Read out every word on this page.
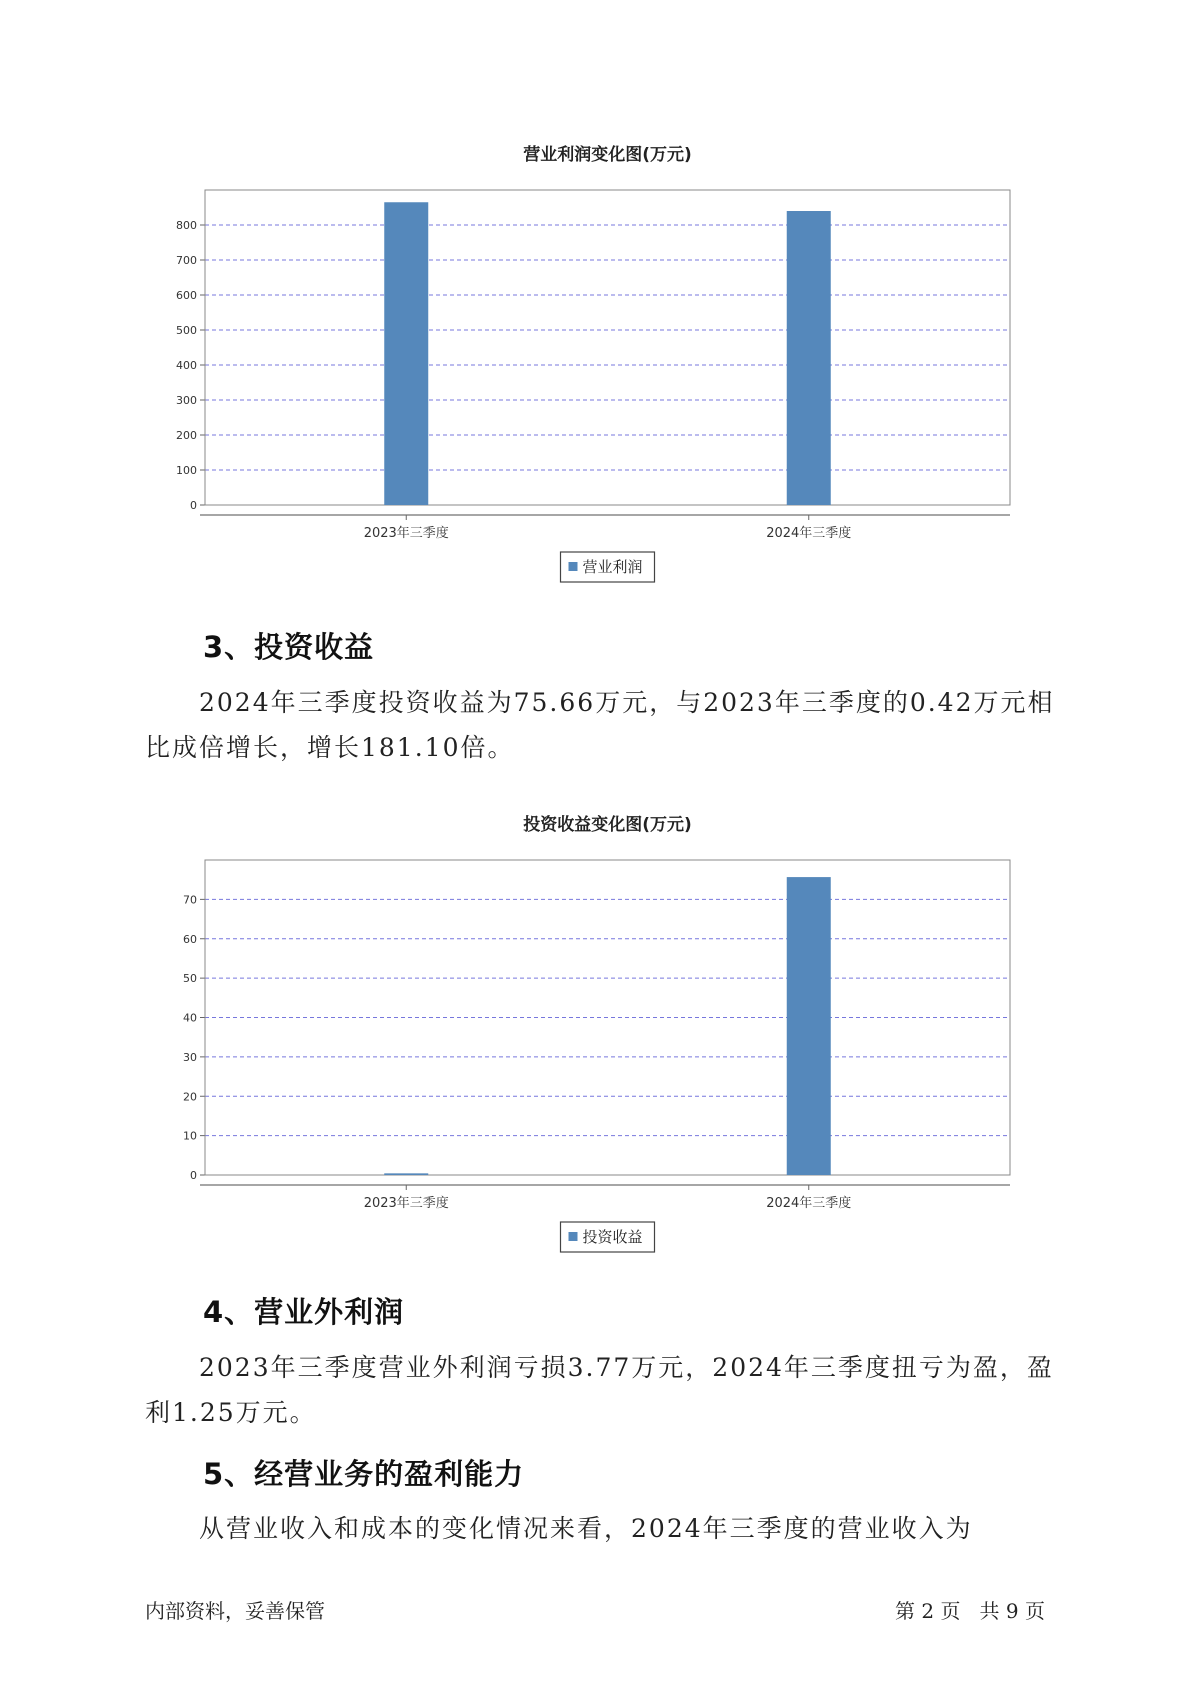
营业利润变化图(万元)
0
100
200
300
400
500
600
700
800
2023年三季度	2024年三季度
营业利润
3、投资收益

2024年三季度投资收益为75.66万元，与2023年三季度的0.42万元相比成倍增长，增长181.10倍。

投资收益变化图(万元)
0
10
20
30
40
50
60
70
2023年三季度	2024年三季度
投资收益
4、营业外利润

2023年三季度营业外利润亏损3.77万元，2024年三季度扭亏为盈，盈利1.25万元。

5、经营业务的盈利能力

从营业收入和成本的变化情况来看，2024年三季度的营业收入为

内部资料，妥善保管	第 2 页   共 9 页
